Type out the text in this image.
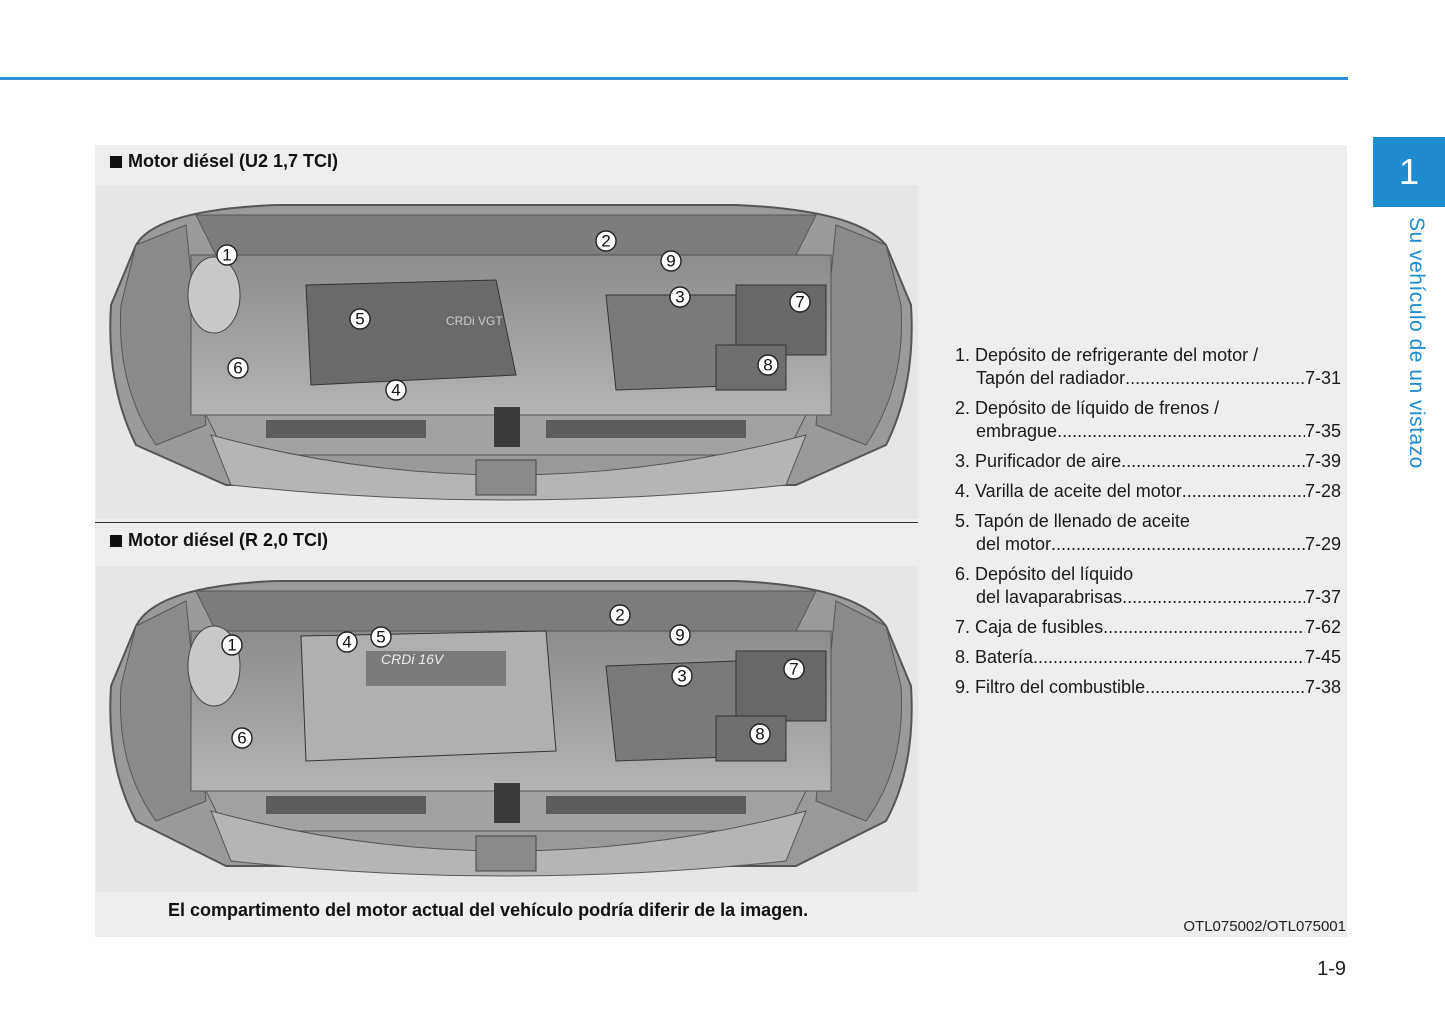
1
Su vehículo de un vistazo
Motor diésel (U2 1,7 TCI)
CRDi VGT
1
2
9
3	7
5
6
4
8
Motor diésel (R 2,0 TCI)
CRDi 16V
1	4 5
2
9
3	7
6	8
El compartimento del motor actual del vehículo podría diferir de la imagen.
OTL075002/OTL075001
1-9
1. Depósito de refrigerante del motor /
Tapón del radiador .....	7-31
2. Depósito de líquido de frenos /
embrague .....	7-35
3. Purificador de aire .....	7-39
4. Varilla de aceite del motor .....	7-28
5. Tapón de llenado de aceite
del motor .....	7-29
6. Depósito del líquido
del lavaparabrisas .....	7-37
7. Caja de fusibles .....	7-62
8. Batería .....	7-45
9. Filtro del combustible .....	7-38
